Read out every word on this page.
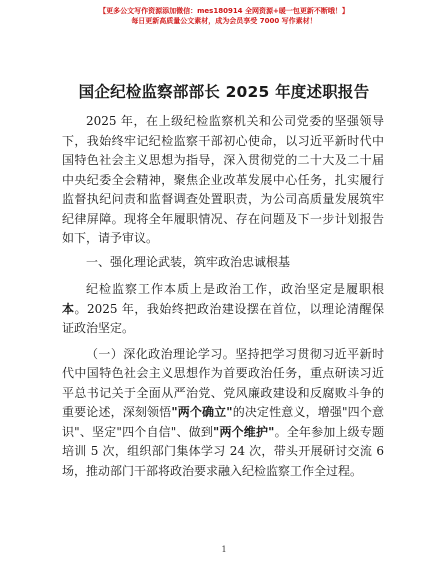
【更多公文写作资源添加微信：mes180914 全网资源+暖一包更新不断哦！】
每日更新高质量公文素材，成为会员享受 7000 写作素材！
国企纪检监察部部长 2025 年度述职报告

2025 年，在上级纪检监察机关和公司党委的坚强领导下，我始终牢记纪检监察干部初心使命，以习近平新时代中国特色社会主义思想为指导，深入贯彻党的二十大及二十届中央纪委全会精神，聚焦企业改革发展中心任务，扎实履行监督执纪问责和监督调查处置职责，为公司高质量发展筑牢纪律屏障。现将全年履职情况、存在问题及下一步计划报告如下，请予审议。

一、强化理论武装，筑牢政治忠诚根基

纪检监察工作本质上是政治工作，政治坚定是履职根本。2025 年，我始终把政治建设摆在首位，以理论清醒保证政治坚定。

（一）深化政治理论学习。坚持把学习贯彻习近平新时代中国特色社会主义思想作为首要政治任务，重点研读习近平总书记关于全面从严治党、党风廉政建设和反腐败斗争的重要论述，深刻领悟"两个确立"的决定性意义，增强"四个意识"、坚定"四个自信"、做到"两个维护"。全年参加上级专题培训 5 次，组织部门集体学习 24 次，带头开展研讨交流 6 场，推动部门干部将政治要求融入纪检监察工作全过程。

1
